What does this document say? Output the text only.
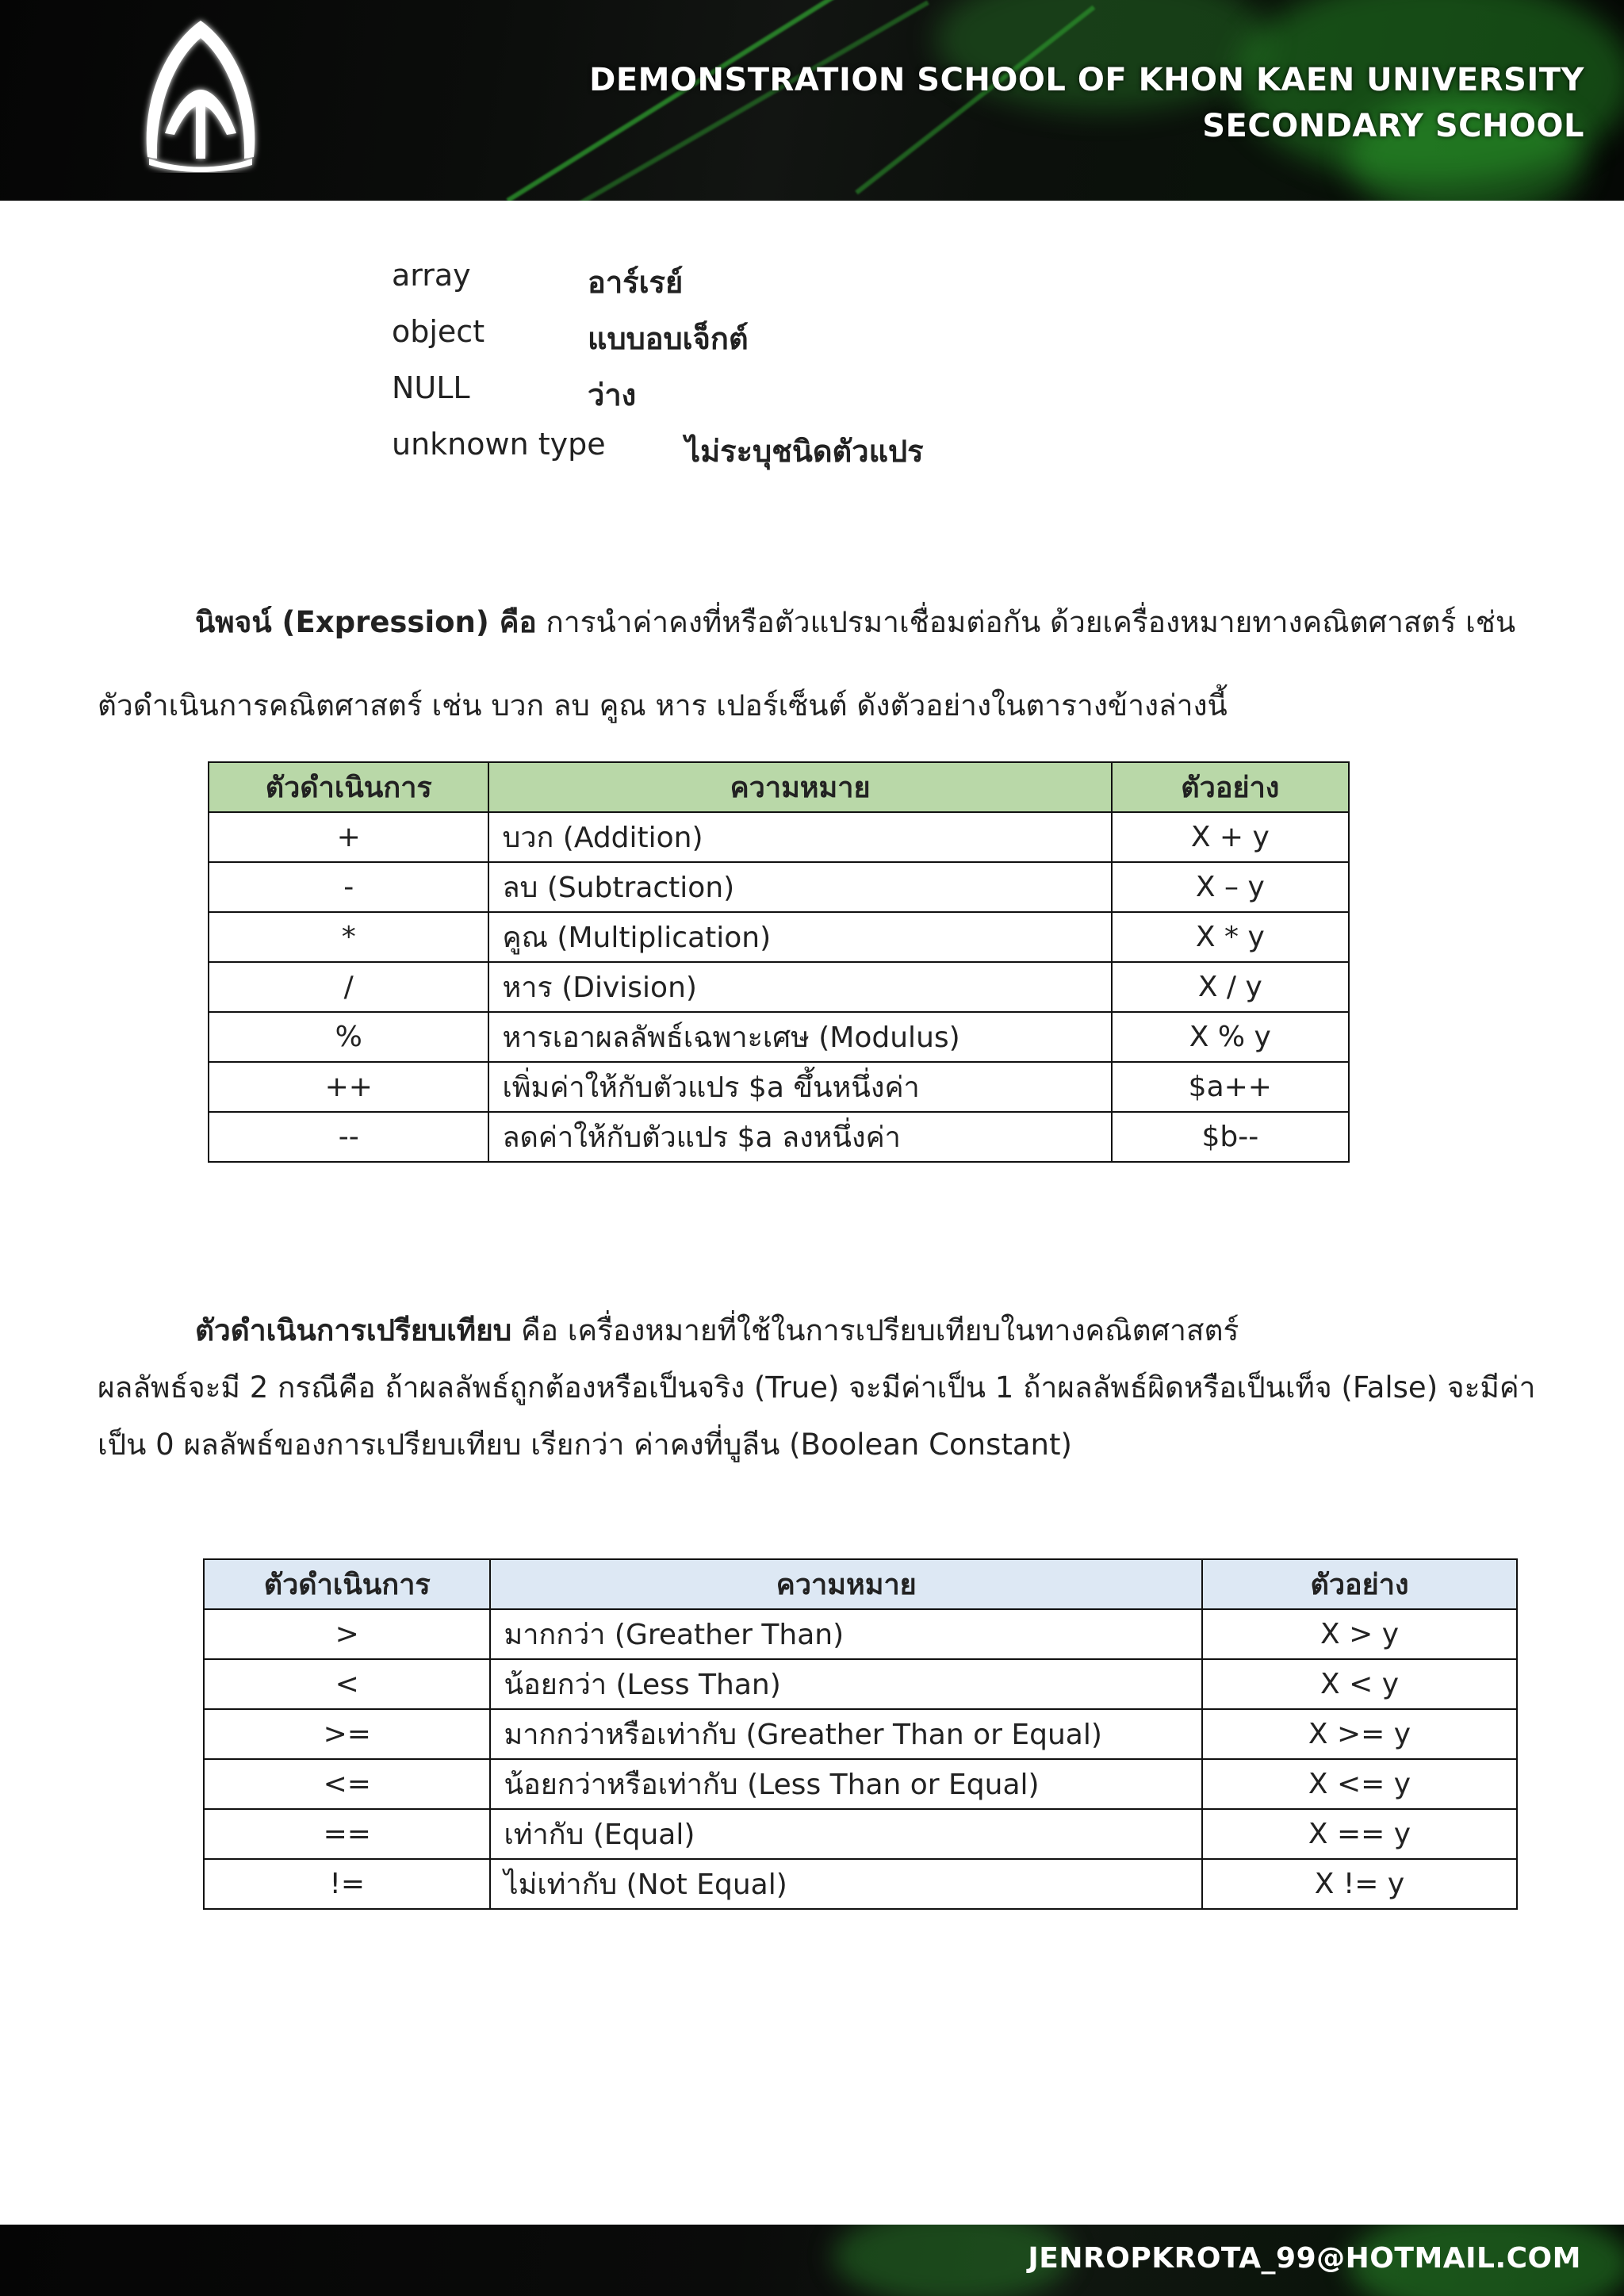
DEMONSTRATION SCHOOL OF KHON KAEN UNIVERSITY
SECONDARY SCHOOL
array	อาร์เรย์
object	แบบอบเจ็กต์
NULL	ว่าง
unknown type	ไม่ระบุชนิดตัวแปร
นิพจน์ (Expression) คือ การนำค่าคงที่หรือตัวแปรมาเชื่อมต่อกัน ด้วยเครื่องหมายทางคณิตศาสตร์ เช่น
ตัวดำเนินการคณิตศาสตร์ เช่น บวก ลบ คูณ หาร เปอร์เซ็นต์ ดังตัวอย่างในตารางข้างล่างนี้
ตัวดำเนินการ	ความหมาย	ตัวอย่าง
+	บวก (Addition)	X + y
-	ลบ (Subtraction)	X – y
*	คูณ (Multiplication)	X * y
/	หาร (Division)	X / y
%	หารเอาผลลัพธ์เฉพาะเศษ (Modulus)	X % y
++	เพิ่มค่าให้กับตัวแปร $a ขึ้นหนึ่งค่า	$a++
--	ลดค่าให้กับตัวแปร $a ลงหนึ่งค่า	$b--
ตัวดำเนินการเปรียบเทียบ คือ เครื่องหมายที่ใช้ในการเปรียบเทียบในทางคณิตศาสตร์
ผลลัพธ์จะมี 2 กรณีคือ ถ้าผลลัพธ์ถูกต้องหรือเป็นจริง (True) จะมีค่าเป็น 1 ถ้าผลลัพธ์ผิดหรือเป็นเท็จ (False) จะมีค่า
เป็น 0 ผลลัพธ์ของการเปรียบเทียบ เรียกว่า ค่าคงที่บูลีน (Boolean Constant)
ตัวดำเนินการ	ความหมาย	ตัวอย่าง
>	มากกว่า (Greather Than)	X > y
<	น้อยกว่า (Less Than)	X < y
>=	มากกว่าหรือเท่ากับ (Greather Than or Equal)	X >= y
<=	น้อยกว่าหรือเท่ากับ (Less Than or Equal)	X <= y
==	เท่ากับ (Equal)	X == y
!=	ไม่เท่ากับ (Not Equal)	X != y
JENROPKROTA_99@HOTMAIL.COM
